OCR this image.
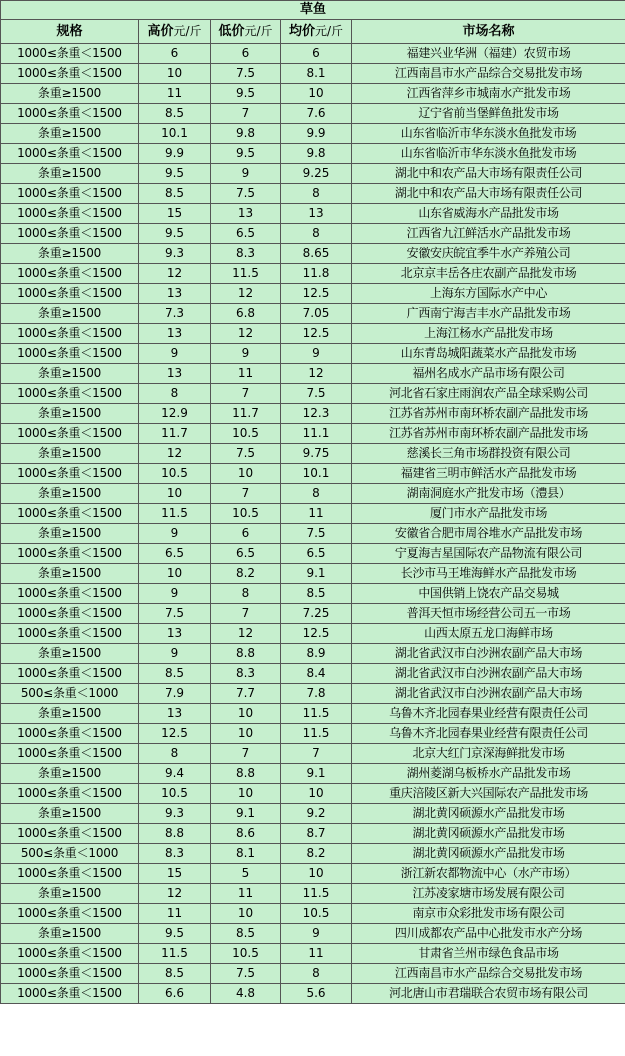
草鱼				
规格	高价元/斤	低价元/斤	均价元/斤	市场名称
1000≤条重＜1500	6	6	6	福建兴业华洲（福建）农贸市场
1000≤条重＜1500	10	7.5	8.1	江西南昌市水产品综合交易批发市场
条重≥1500	11	9.5	10	江西省萍乡市城南水产批发市场
1000≤条重＜1500	8.5	7	7.6	辽宁省前当堡鲜鱼批发市场
条重≥1500	10.1	9.8	9.9	山东省临沂市华东淡水鱼批发市场
1000≤条重＜1500	9.9	9.5	9.8	山东省临沂市华东淡水鱼批发市场
条重≥1500	9.5	9	9.25	湖北中和农产品大市场有限责任公司
1000≤条重＜1500	8.5	7.5	8	湖北中和农产品大市场有限责任公司
1000≤条重＜1500	15	13	13	山东省威海水产品批发市场
1000≤条重＜1500	9.5	6.5	8	江西省九江鲜活水产品批发市场
条重≥1500	9.3	8.3	8.65	安徽安庆皖宜季牛水产养殖公司
1000≤条重＜1500	12	11.5	11.8	北京京丰岳各庄农副产品批发市场
1000≤条重＜1500	13	12	12.5	上海东方国际水产中心
条重≥1500	7.3	6.8	7.05	广西南宁海吉丰水产品批发市场
1000≤条重＜1500	13	12	12.5	上海江杨水产品批发市场
1000≤条重＜1500	9	9	9	山东青岛城阳蔬菜水产品批发市场
条重≥1500	13	11	12	福州名成水产品市场有限公司
1000≤条重＜1500	8	7	7.5	河北省石家庄雨润农产品全球采购公司
条重≥1500	12.9	11.7	12.3	江苏省苏州市南环桥农副产品批发市场
1000≤条重＜1500	11.7	10.5	11.1	江苏省苏州市南环桥农副产品批发市场
条重≥1500	12	7.5	9.75	慈溪长三角市场群投资有限公司
1000≤条重＜1500	10.5	10	10.1	福建省三明市鲜活水产品批发市场
条重≥1500	10	7	8	湖南洞庭水产批发市场（澧县）
1000≤条重＜1500	11.5	10.5	11	厦门市水产品批发市场
条重≥1500	9	6	7.5	安徽省合肥市周谷堆水产品批发市场
1000≤条重＜1500	6.5	6.5	6.5	宁夏海吉星国际农产品物流有限公司
条重≥1500	10	8.2	9.1	长沙市马王堆海鲜水产品批发市场
1000≤条重＜1500	9	8	8.5	中国供销上饶农产品交易城
1000≤条重＜1500	7.5	7	7.25	普洱天恒市场经营公司五一市场
1000≤条重＜1500	13	12	12.5	山西太原五龙口海鲜市场
条重≥1500	9	8.8	8.9	湖北省武汉市白沙洲农副产品大市场
1000≤条重＜1500	8.5	8.3	8.4	湖北省武汉市白沙洲农副产品大市场
500≤条重＜1000	7.9	7.7	7.8	湖北省武汉市白沙洲农副产品大市场
条重≥1500	13	10	11.5	乌鲁木齐北园春果业经营有限责任公司
1000≤条重＜1500	12.5	10	11.5	乌鲁木齐北园春果业经营有限责任公司
1000≤条重＜1500	8	7	7	北京大红门京深海鲜批发市场
条重≥1500	9.4	8.8	9.1	湖州菱湖乌板桥水产品批发市场
1000≤条重＜1500	10.5	10	10	重庆涪陵区新大兴国际农产品批发市场
条重≥1500	9.3	9.1	9.2	湖北黄冈硕源水产品批发市场
1000≤条重＜1500	8.8	8.6	8.7	湖北黄冈硕源水产品批发市场
500≤条重＜1000	8.3	8.1	8.2	湖北黄冈硕源水产品批发市场
1000≤条重＜1500	15	5	10	浙江新农都物流中心（水产市场）
条重≥1500	12	11	11.5	江苏凌家塘市场发展有限公司
1000≤条重＜1500	11	10	10.5	南京市众彩批发市场有限公司
条重≥1500	9.5	8.5	9	四川成都农产品中心批发市水产分场
1000≤条重＜1500	11.5	10.5	11	甘肃省兰州市绿色食品市场
1000≤条重＜1500	8.5	7.5	8	江西南昌市水产品综合交易批发市场
1000≤条重＜1500	6.6	4.8	5.6	河北唐山市君瑞联合农贸市场有限公司
